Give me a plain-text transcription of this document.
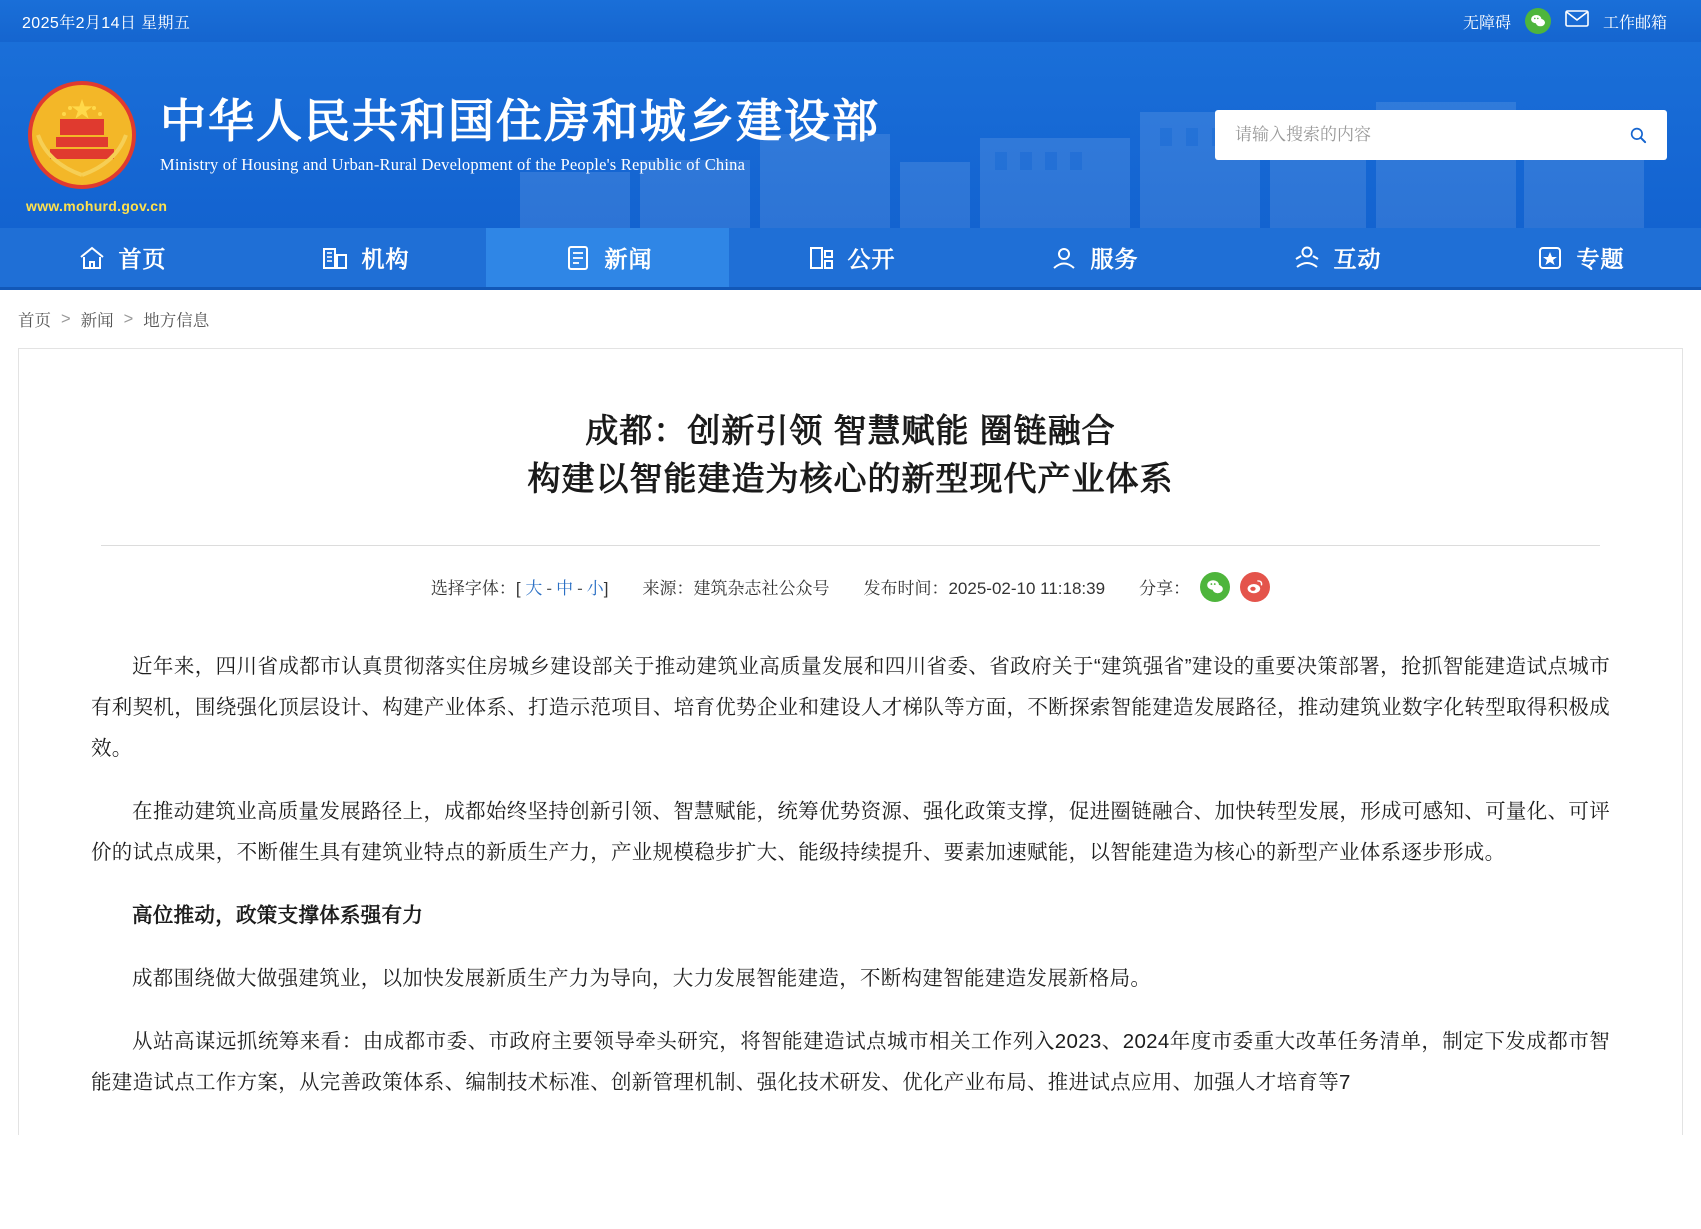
2025年2月14日 星期五	无障碍	工作邮箱
中华人民共和国住房和城乡建设部
Ministry of Housing and Urban-Rural Development of the People's Republic of China
请输入搜索的内容
www.mohurd.gov.cn
首页	机构	新闻	公开	服务	互动	专题
首页 > 新闻 > 地方信息
成都：创新引领 智慧赋能 圈链融合
构建以智能建造为核心的新型现代产业体系
选择字体：[ 大 - 中 - 小] 来源：建筑杂志社公众号 发布时间：2025-02-10 11:18:39 分享：

近年来，四川省成都市认真贯彻落实住房城乡建设部关于推动建筑业高质量发展和四川省委、省政府关于“建筑强省”建设的重要决策部署，抢抓智能建造试点城市有利契机，围绕强化顶层设计、构建产业体系、打造示范项目、培育优势企业和建设人才梯队等方面，不断探索智能建造发展路径，推动建筑业数字化转型取得积极成效。

在推动建筑业高质量发展路径上，成都始终坚持创新引领、智慧赋能，统筹优势资源、强化政策支撑，促进圈链融合、加快转型发展，形成可感知、可量化、可评价的试点成果，不断催生具有建筑业特点的新质生产力，产业规模稳步扩大、能级持续提升、要素加速赋能，以智能建造为核心的新型产业体系逐步形成。

高位推动，政策支撑体系强有力

成都围绕做大做强建筑业，以加快发展新质生产力为导向，大力发展智能建造，不断构建智能建造发展新格局。

从站高谋远抓统筹来看：由成都市委、市政府主要领导牵头研究，将智能建造试点城市相关工作列入2023、2024年度市委重大改革任务清单，制定下发成都市智能建造试点工作方案，从完善政策体系、编制技术标准、创新管理机制、强化技术研发、优化产业布局、推进试点应用、加强人才培育等7
